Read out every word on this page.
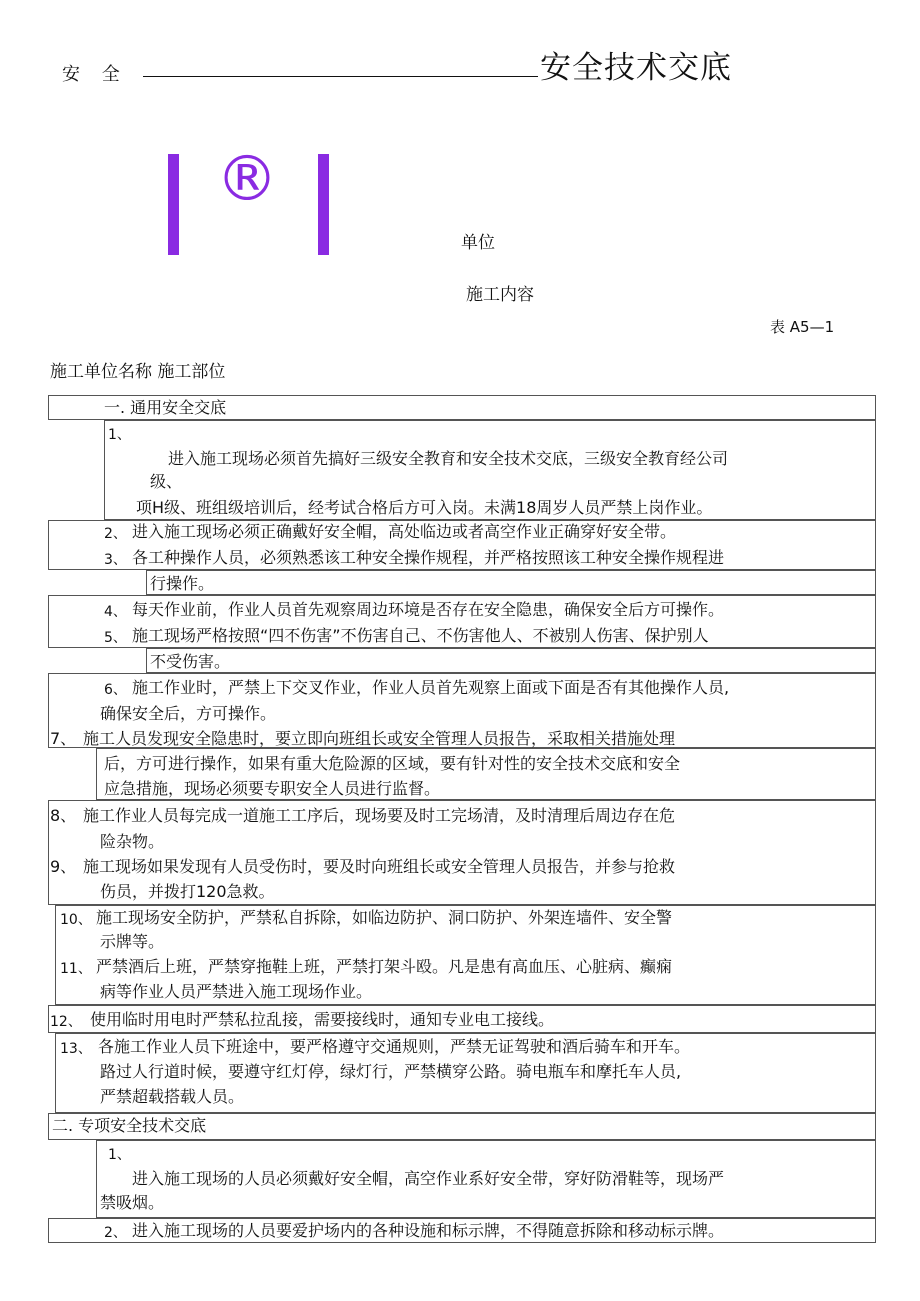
安 全	安全技术交底
®
单位
施工内容
表 A5—1
施工单位名称 施工部位
一. 通用安全交底
1、
进入施工现场必须首先搞好三级安全教育和安全技术交底，三级安全教育经公司
级、
项H级、班组级培训后，经考试合格后方可入岗。未满18周岁人员严禁上岗作业。
2、 进入施工现场必须正确戴好安全帽，高处临边或者高空作业正确穿好安全带。
3、 各工种操作人员，必须熟悉该工种安全操作规程，并严格按照该工种安全操作规程进
行操作。
4、 每天作业前，作业人员首先观察周边环境是否存在安全隐患，确保安全后方可操作。
5、 施工现场严格按照“四不伤害”不伤害自己、不伤害他人、不被别人伤害、保护别人
不受伤害。
6、 施工作业时，严禁上下交叉作业，作业人员首先观察上面或下面是否有其他操作人员,
确保安全后，方可操作。
7、 施工人员发现安全隐患时，要立即向班组长或安全管理人员报告，采取相关措施处理
后，方可进行操作，如果有重大危险源的区域，要有针对性的安全技术交底和安全
应急措施，现场必须要专职安全人员进行监督。
8、 施工作业人员每完成一道施工工序后，现场要及时工完场清，及时清理后周边存在危
险杂物。
9、 施工现场如果发现有人员受伤时，要及时向班组长或安全管理人员报告，并参与抢救
伤员，并拨打120急救。
10、 施工现场安全防护，严禁私自拆除，如临边防护、洞口防护、外架连墙件、安全警
示牌等。
11、 严禁酒后上班，严禁穿拖鞋上班，严禁打架斗殴。凡是患有高血压、心脏病、癫痫
病等作业人员严禁进入施工现场作业。
12、 使用临时用电时严禁私拉乱接，需要接线时，通知专业电工接线。
13、 各施工作业人员下班途中，要严格遵守交通规则，严禁无证驾驶和酒后骑车和开车。
路过人行道时候，要遵守红灯停，绿灯行，严禁横穿公路。骑电瓶车和摩托车人员,
严禁超载搭载人员。
二. 专项安全技术交底
1、
进入施工现场的人员必须戴好安全帽，高空作业系好安全带，穿好防滑鞋等，现场严
禁吸烟。
2、 进入施工现场的人员要爱护场内的各种设施和标示牌，不得随意拆除和移动标示牌。
